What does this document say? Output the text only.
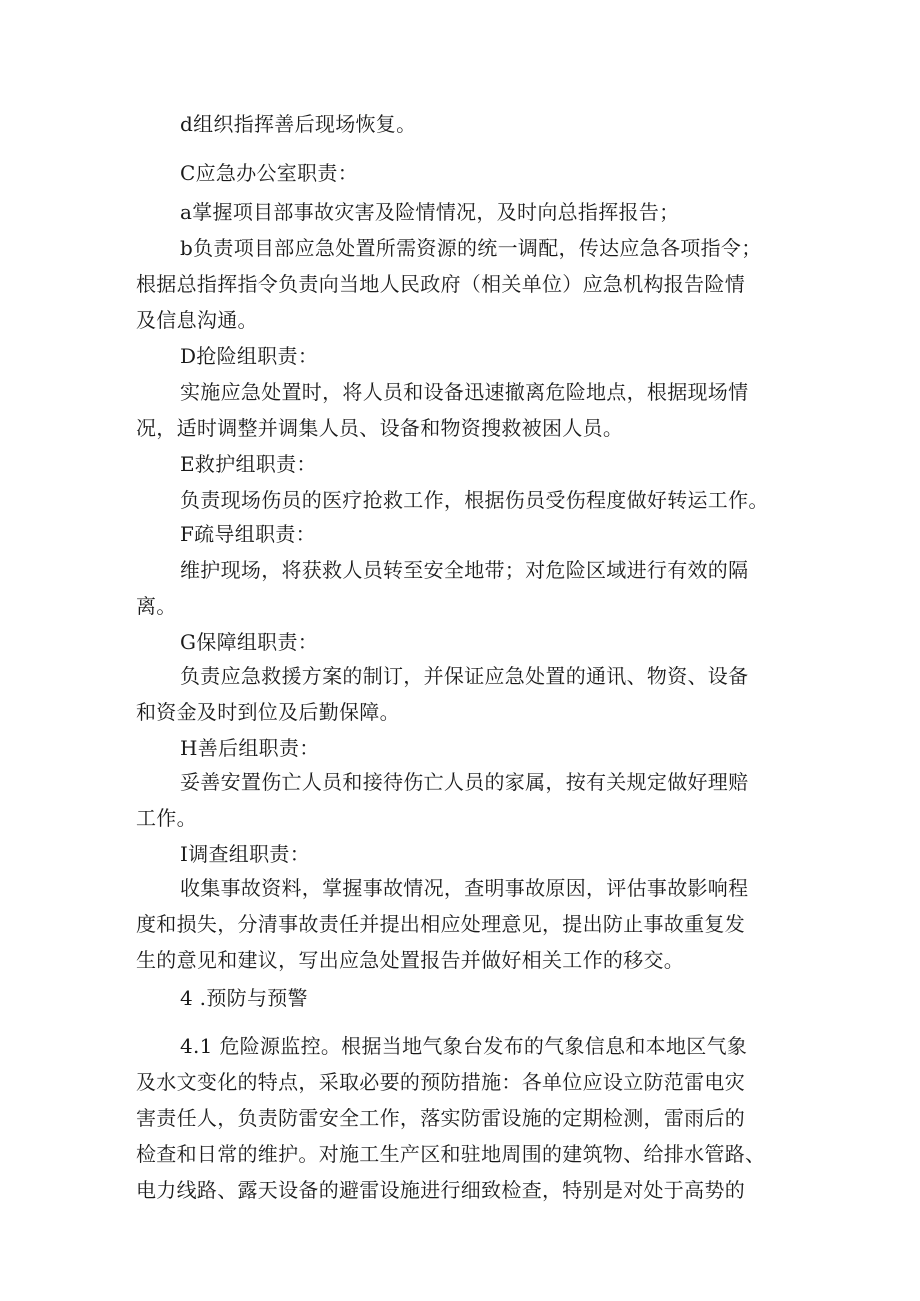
d组织指挥善后现场恢复。

C应急办公室职责：

a掌握项目部事故灾害及险情情况，及时向总指挥报告；

b负责项目部应急处置所需资源的统一调配，传达应急各项指令；

根据总指挥指令负责向当地人民政府（相关单位）应急机构报告险情

及信息沟通。

D抢险组职责：

实施应急处置时，将人员和设备迅速撤离危险地点，根据现场情

况，适时调整并调集人员、设备和物资搜救被困人员。

E救护组职责：

负责现场伤员的医疗抢救工作，根据伤员受伤程度做好转运工作。

F疏导组职责：

维护现场，将获救人员转至安全地带；对危险区域进行有效的隔

离。

G保障组职责：

负责应急救援方案的制订，并保证应急处置的通讯、物资、设备

和资金及时到位及后勤保障。

H善后组职责：

妥善安置伤亡人员和接待伤亡人员的家属，按有关规定做好理赔

工作。

I调查组职责：

收集事故资料，掌握事故情况，查明事故原因，评估事故影响程

度和损失，分清事故责任并提出相应处理意见，提出防止事故重复发

生的意见和建议，写出应急处置报告并做好相关工作的移交。

4 .预防与预警

4.1 危险源监控。根据当地气象台发布的气象信息和本地区气象

及水文变化的特点，采取必要的预防措施：各单位应设立防范雷电灾

害责任人，负责防雷安全工作，落实防雷设施的定期检测，雷雨后的

检查和日常的维护。对施工生产区和驻地周围的建筑物、给排水管路、

电力线路、露天设备的避雷设施进行细致检查，特别是对处于高势的
